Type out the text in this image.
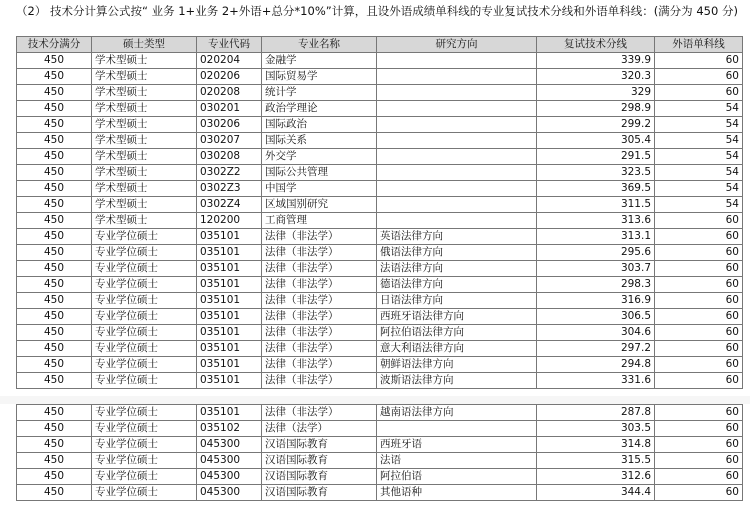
（2） 技术分计算公式按“ 业务 1+业务 2+外语+总分*10%”计算，且设外语成绩单科线的专业复试技术分线和外语单科线：(满分为 450 分)
技术分满分	硕士类型	专业代码	专业名称	研究方向	复试技术分线	外语单科线
450	学术型硕士	020204	金融学		339.9	60
450	学术型硕士	020206	国际贸易学		320.3	60
450	学术型硕士	020208	统计学		329	60
450	学术型硕士	030201	政治学理论		298.9	54
450	学术型硕士	030206	国际政治		299.2	54
450	学术型硕士	030207	国际关系		305.4	54
450	学术型硕士	030208	外交学		291.5	54
450	学术型硕士	0302Z2	国际公共管理		323.5	54
450	学术型硕士	0302Z3	中国学		369.5	54
450	学术型硕士	0302Z4	区域国别研究		311.5	54
450	学术型硕士	120200	工商管理		313.6	60
450	专业学位硕士	035101	法律（非法学）	英语法律方向	313.1	60
450	专业学位硕士	035101	法律（非法学）	俄语法律方向	295.6	60
450	专业学位硕士	035101	法律（非法学）	法语法律方向	303.7	60
450	专业学位硕士	035101	法律（非法学）	德语法律方向	298.3	60
450	专业学位硕士	035101	法律（非法学）	日语法律方向	316.9	60
450	专业学位硕士	035101	法律（非法学）	西班牙语法律方向	306.5	60
450	专业学位硕士	035101	法律（非法学）	阿拉伯语法律方向	304.6	60
450	专业学位硕士	035101	法律（非法学）	意大利语法律方向	297.2	60
450	专业学位硕士	035101	法律（非法学）	朝鲜语法律方向	294.8	60
450	专业学位硕士	035101	法律（非法学）	波斯语法律方向	331.6	60
450	专业学位硕士	035101	法律（非法学）	越南语法律方向	287.8	60
450	专业学位硕士	035102	法律（法学）		303.5	60
450	专业学位硕士	045300	汉语国际教育	西班牙语	314.8	60
450	专业学位硕士	045300	汉语国际教育	法语	315.5	60
450	专业学位硕士	045300	汉语国际教育	阿拉伯语	312.6	60
450	专业学位硕士	045300	汉语国际教育	其他语种	344.4	60
